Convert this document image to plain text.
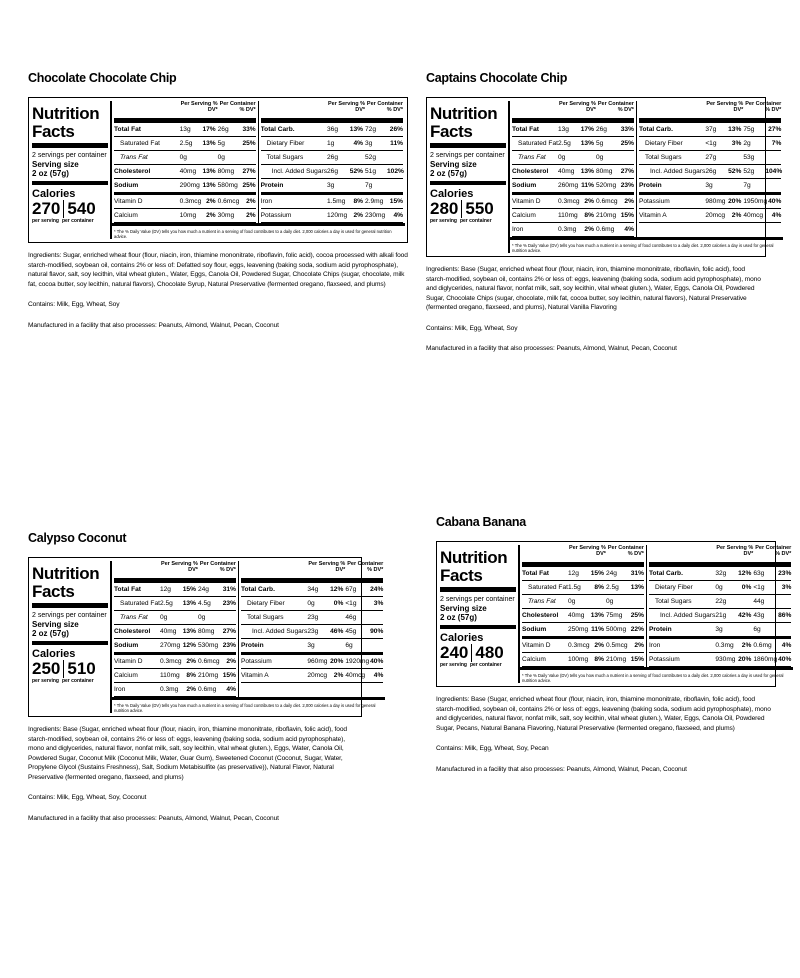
Chocolate Chocolate Chip
Nutrition Facts
2 servings per container
Serving size
2 oz (57g)
Calories
270 540
per serving per container
Per Serving % DV*
Per Container % DV*
Total Fat	13g	17% 26g	33%
Saturated Fat	2.5g	13% 5g	25%
Trans Fat	0g	0g
Cholesterol	40mg 13% 80mg	27%
Sodium	290mg 13% 580mg 25%
Vitamin D	0.3mcg 2% 0.6mcg	2%
Calcium	10mg	2% 30mg	2%
Per Serving % DV*
Per Container % DV*
Total Carb.	36g	13% 72g	26%
Dietary Fiber	1g	4% 3g	11%
Total Sugars	26g	52g
Incl. Added Sugars 26g	52% 51g	102%
Protein	3g	7g
Iron	1.5mg	8% 2.9mg 15%
Potassium	120mg 2% 230mg	4%
* The % Daily Value (DV) tells you how much a nutrient in a serving of food contributes to a daily diet. 2,000 calories a day is used for general nutrition advice.

Ingredients: Sugar, enriched wheat flour (flour, niacin, iron, thiamine mononitrate, riboflavin, folic acid), cocoa processed with alkali food starch-modified, soybean oil, contains 2% or less of: Defatted soy flour, eggs, leavening (baking soda, sodium acid pyrophosphate), natural flavor, salt, soy lecithin, vital wheat gluten., Water, Eggs, Canola Oil, Powdered Sugar, Chocolate Chips (sugar, chocolate, milk fat, cocoa butter, soy lecithin, natural flavors), Chocolate Syrup, Natural Preservative (fermented oregano, flaxseed, and plums)

Contains: Milk, Egg, Wheat, Soy

Manufactured in a facility that also processes: Peanuts, Almond, Walnut, Pecan, Coconut

Captains Chocolate Chip
Nutrition Facts
2 servings per container
Serving size
2 oz (57g)
Calories
280 550
per serving per container
Per Serving % DV*
Per Container % DV*
Total Fat	13g	17% 26g	33%
Saturated Fat 2.5g	13% 5g	25%
Trans Fat	0g	0g
Cholesterol	40mg 13% 80mg	27%
Sodium	260mg 11% 520mg 23%
Vitamin D	0.3mcg 2% 0.6mcg	2%
Calcium	110mg	8% 210mg 15%
Iron	0.3mg	2% 0.6mg	4%
Per Serving % DV*
Per Container % DV*
Total Carb.	37g	13% 75g	27%
Dietary Fiber	<1g	3% 2g	7%
Total Sugars	27g	53g
Incl. Added Sugars 26g	52% 52g	104%
Protein	3g	7g
Potassium	980mg 20% 1950mg 40%
Vitamin A	20mcg	2% 40mcg	4%
* The % Daily Value (DV) tells you how much a nutrient in a serving of food contributes to a daily diet. 2,000 calories a day is used for general nutrition advice.

Ingredients: Base (Sugar, enriched wheat flour (flour, niacin, iron, thiamine mononitrate, riboflavin, folic acid), food starch-modified, soybean oil, contains 2% or less of: eggs, leavening (baking soda, sodium acid pyrophosphate), mono and diglycerides, natural flavor, nonfat milk, salt, soy lecithin, vital wheat gluten.), Water, Eggs, Canola Oil, Powdered Sugar, Chocolate Chips (sugar, chocolate, milk fat, cocoa butter, soy lecithin, natural flavors), Natural Preservative (fermented oregano, flaxseed, and plums), Natural Vanilla Flavoring

Contains: Milk, Egg, Wheat, Soy

Manufactured in a facility that also processes: Peanuts, Almond, Walnut, Pecan, Coconut

Calypso Coconut
Nutrition Facts
2 servings per container
Serving size
2 oz (57g)
Calories
250 510
per serving per container
Per Serving % DV*
Per Container % DV*
Total Fat	12g	15% 24g	31%
Saturated Fat 2.5g	13% 4.5g	23%
Trans Fat	0g	0g
Cholesterol	40mg 13% 80mg	27%
Sodium	270mg 12% 530mg 23%
Vitamin D	0.3mcg 2% 0.6mcg	2%
Calcium	110mg	8% 210mg 15%
Iron	0.3mg	2% 0.6mg	4%
Per Serving % DV*
Per Container % DV*
Total Carb.	34g	12% 67g	24%
Dietary Fiber	0g	0% <1g	3%
Total Sugars	23g	46g
Incl. Added Sugars 23g	46% 45g	90%
Protein	3g	6g
Potassium	960mg 20% 1920mg 40%
Vitamin A	20mcg	2% 40mcg	4%
* The % Daily Value (DV) tells you how much a nutrient in a serving of food contributes to a daily diet. 2,000 calories a day is used for general nutrition advice.

Ingredients: Base (Sugar, enriched wheat flour (flour, niacin, iron, thiamine mononitrate, riboflavin, folic acid), food starch-modified, soybean oil, contains 2% or less of: eggs, leavening (baking soda, sodium acid pyrophosphate), mono and diglycerides, natural flavor, nonfat milk, salt, soy lecithin, vital wheat gluten.), Eggs, Water, Canola Oil, Powdered Sugar, Coconut Milk (Coconut Milk, Water, Guar Gum), Sweetened Coconut (Coconut, Sugar, Water, Propylene Glycol (Sustains Freshness), Salt, Sodium Metabisulfite (as preservative)), Natural Flavor, Natural Preservative (fermented oregano, flaxseed, and plums)

Contains: Milk, Egg, Wheat, Soy, Coconut

Manufactured in a facility that also processes: Peanuts, Almond, Walnut, Pecan, Coconut

Cabana Banana
Nutrition Facts
2 servings per container
Serving size
2 oz (57g)
Calories
240 480
per serving per container
Per Serving % DV*
Per Container % DV*
Total Fat	12g	15% 24g	31%
Saturated Fat 1.5g	8% 2.5g	13%
Trans Fat	0g	0g
Cholesterol	40mg 13% 75mg	25%
Sodium	250mg 11% 500mg 22%
Vitamin D	0.3mcg 2% 0.5mcg	2%
Calcium	100mg 8% 210mg 15%
Per Serving % DV*
Per Container % DV*
Total Carb.	32g	12% 63g	23%
Dietary Fiber	0g	0% <1g	3%
Total Sugars	22g	44g
Incl. Added Sugars 21g	42% 43g	86%
Protein	3g	6g
Iron	0.3mg	2% 0.6mg	4%
Potassium	930mg 20% 1860mg 40%
* The % Daily Value (DV) tells you how much a nutrient in a serving of food contributes to a daily diet. 2,000 calories a day is used for general nutrition advice.

Ingredients: Base (Sugar, enriched wheat flour (flour, niacin, iron, thiamine mononitrate, riboflavin, folic acid), food starch-modified, soybean oil, contains 2% or less of: eggs, leavening (baking soda, sodium acid pyrophosphate), mono and diglycerides, natural flavor, nonfat milk, salt, soy lecithin, vital wheat gluten.), Water, Eggs, Canola Oil, Powdered Sugar, Pecans, Natural Banana Flavoring, Natural Preservative (fermented oregano, flaxseed, and plums)

Contains: Milk, Egg, Wheat, Soy, Pecan

Manufactured in a facility that also processes: Peanuts, Almond, Walnut, Pecan, Coconut
